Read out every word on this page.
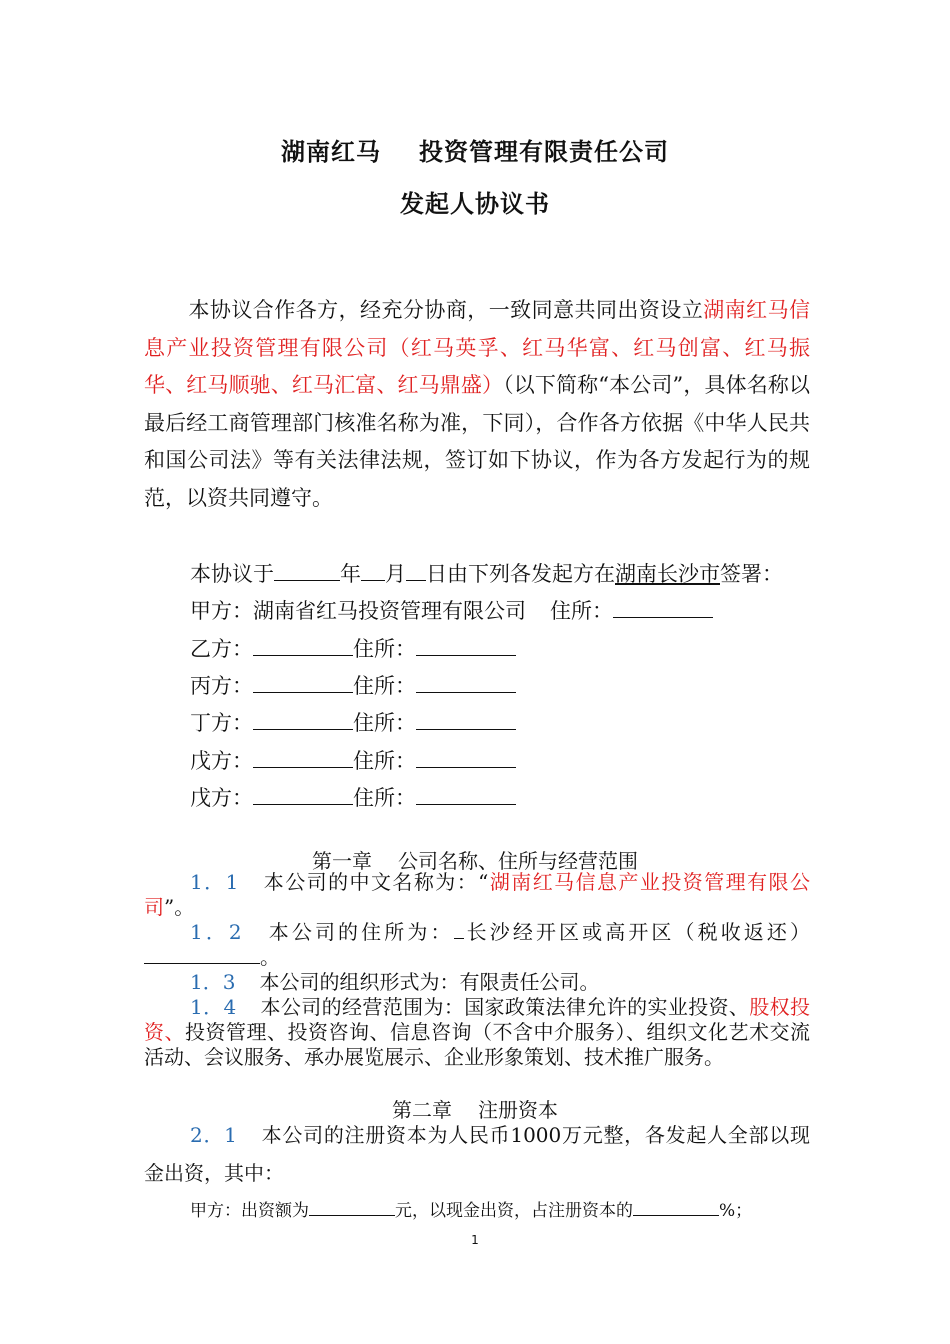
湖南红马 投资管理有限责任公司
发起人协议书
本协议合作各方，经充分协商，一致同意共同出资设立湖南红马信息产业投资管理有限公司（红马英孚、红马华富、红马创富、红马振华、红马顺驰、红马汇富、红马鼎盛）（以下简称“本公司”，具体名称以最后经工商管理部门核准名称为准，下同），合作各方依据《中华人民共和国公司法》等有关法律法规，签订如下协议，作为各方发起行为的规范，以资共同遵守。
本协议于	年 月 日由下列各发起方在湖南长沙市签署：
甲方：湖南省红马投资管理有限公司 住所：
乙方：	住所：
丙方：	住所：
丁方：	住所：
戊方：	住所：
戊方：	住所：
第一章 公司名称、住所与经营范围
1．1 本公司的中文名称为：“湖南红马信息产业投资管理有限公司”。
1．2 本公司的住所为： 长沙经开区或高开区（税收返还）。
1．3 本公司的组织形式为：有限责任公司。
1．4 本公司的经营范围为：国家政策法律允许的实业投资、股权投资、投资管理、投资咨询、信息咨询（不含中介服务）、组织文化艺术交流活动、会议服务、承办展览展示、企业形象策划、技术推广服务。
第二章 注册资本
2．1 本公司的注册资本为人民币1000万元整，各发起人全部以现金出资，其中：
甲方：出资额为	元，以现金出资，占注册资本的	%；
1
